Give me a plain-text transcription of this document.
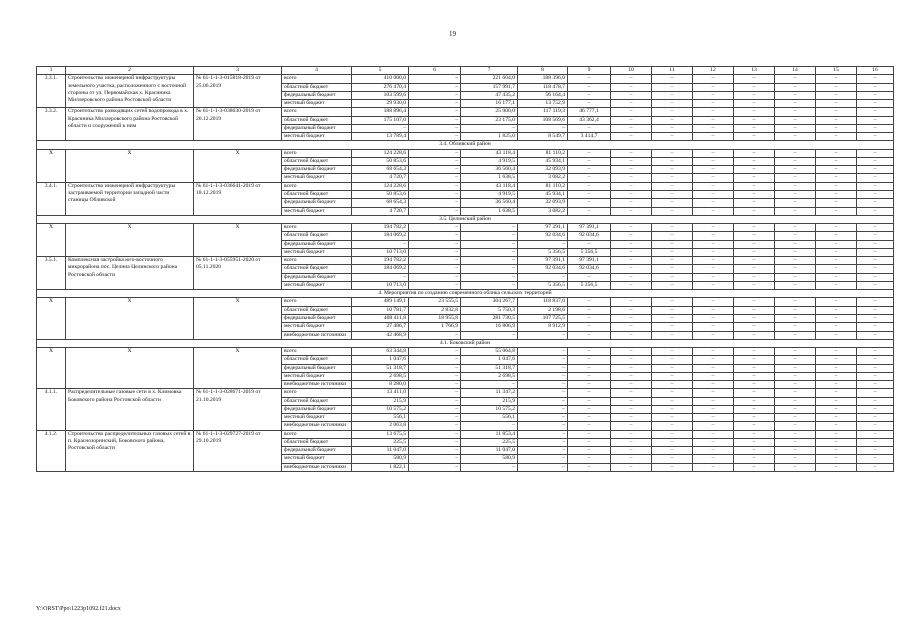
19
1	2	3	4	5	6	7	8	9	10	11	12	13	14	15	16
3.3.1.	Строительство инженерной инфраструктуры земельного участка, расположенного с восточной стороны от ул. Первомайская х. Красиника Миллеровского района Ростовской области	№ 61-1-1-3-015818-2019 от 25.06.2019	всего	410 000,0	–	221 604,0	188 396,0	–	–	–	–	–	–	–	–
			областной бюджет	276 470,4	–	157 991,7	118 478,7	–	–	–	–	–	–	–	–
			федеральный бюджет	103 599,6	–	47 435,2	56 164,4	–	–	–	–	–	–	–	–
			местный бюджет	29 930,0	–	16 177,1	13 752,9	–	–	–	–	–	–	–	–
3.3.2.	Строительство разводящих сетей водопровода в х. Красиника Миллеровского района Ростовской области и сооружений к ним	№ 61-1-1-3-038630-2019 от 26.12.2019	всего	188 896,4	–	25 000,0	117 119,3	46 777,1	–	–	–	–	–	–	–
			областной бюджет	175 107,0	–	23 175,0	108 569,6	43 362,4	–	–	–	–	–	–	–
			федеральный бюджет	–	–	–	–	–	–	–	–	–	–	–	–
			местный бюджет	13 789,4	–	1 825,0	8 549,7	3 414,7	–	–	–	–	–	–	–
3.4. Обливский район															
X	X	X	всего	124 228,6	–	43 118,4	81 110,2	–	–	–	–	–	–	–	–
			областной бюджет	50 853,6	–	4 919,5	45 934,1	–	–	–	–	–	–	–	–
			федеральный бюджет	68 654,3	–	36 560,4	32 093,9	–	–	–	–	–	–	–	–
			местный бюджет	4 720,7	–	1 638,5	3 082,2	–	–	–	–	–	–	–	–
3.4.1.	Строительство инженерной инфраструктуры застраиваемой территории западной части станицы Обливской	№ 61-1-1-3-036641-2019 от 18.12.2019	всего	124 228,6	–	43 118,4	81 110,2	–	–	–	–	–	–	–	–
			областной бюджет	50 853,6	–	4 919,5	45 934,1	–	–	–	–	–	–	–	–
			федеральный бюджет	68 654,3	–	36 560,4	32 093,9	–	–	–	–	–	–	–	–
			местный бюджет	4 720,7	–	1 638,5	3 082,2	–	–	–	–	–	–	–	–
3.5. Целинский район															
X	X	X	всего	194 782,2	–	–	97 391,1	97 391,1	–	–	–	–	–	–	–
			областной бюджет	184 069,2	–	–	92 034,6	92 034,6	–	–	–	–	–	–	–
			федеральный бюджет	–	–	–	–	–	–	–	–	–	–	–	–
			местный бюджет	10 713,0	–	–	5 356,5	5 356,5	–	–	–	–	–	–	–
3.5.1.	Комплексная застройка юго-восточного микрорайона пос. Целина Целинского района Ростовской области	№ 61-1-1-3-055951-2020 от 05.11.2020	всего	194 782,2	–	–	97 391,1	97 391,1	–	–	–	–	–	–	–
			областной бюджет	184 069,2	–	–	92 034,6	92 034,6	–	–	–	–	–	–	–
			федеральный бюджет	–	–	–	–	–	–	–	–	–	–	–	–
			местный бюджет	10 713,0	–	–	5 356,5	5 356,5	–	–	–	–	–	–	–
4. Мероприятия по созданию современного облика сельских территорий															
X	X	X	всего	489 149,1	23 555,5	304 267,7	118 837,0	–	–	–	–	–	–	–	–
			областной бюджет	10 781,7	2 832,8	5 750,3	2 198,6	–	–	–	–	–	–	–	–
			федеральный бюджет	408 411,8	18 955,8	281 730,5	107 725,5	–	–	–	–	–	–	–	–
			местный бюджет	27 486,7	1 766,9	16 806,9	8 912,9	–	–	–	–	–	–	–	–
			внебюджетные источники	42 468,9	–	–	–	–	–	–	–	–	–	–	–
4.1. Боковский район															
X	X	X	всего	63 344,8	–	55 064,8	–	–	–	–	–	–	–	–	–
			областной бюджет	1 047,6	–	1 047,6	–	–	–	–	–	–	–	–	–
			федеральный бюджет	51 318,7	–	51 318,7	–	–	–	–	–	–	–	–	–
			местный бюджет	2 698,5	–	2 698,5	–	–	–	–	–	–	–	–	–
			внебюджетные источники	8 280,0	–	–	–	–	–	–	–	–	–	–	–
4.1.1.	Распределительные газовые сети в х. Климовка Боковского района Ростовской области	№ 61-1-1-3-028671-2019 от 21.10.2019	всего	13 411,0	–	11 347,2	–	–	–	–	–	–	–	–	–
			областной бюджет	215,9	–	215,9	–	–	–	–	–	–	–	–	–
			федеральный бюджет	10 575,2	–	10 575,2	–	–	–	–	–	–	–	–	–
			местный бюджет	556,1	–	556,1	–	–	–	–	–	–	–	–	–
			внебюджетные источники	2 063,8	–	–	–	–	–	–	–	–	–	–	–
4.1.2.	Строительство распределительных газовых сетей в п. Краснозоринский, Боковского района, Ростовской области	№ 61-1-1-3-029727-2019 от 29.10.2019	всего	13 675,5	–	11 853,4	–	–	–	–	–	–	–	–	–
			областной бюджет	225,5	–	225,5	–	–	–	–	–	–	–	–	–
			федеральный бюджет	11 047,0	–	11 047,0	–	–	–	–	–	–	–	–	–
			местный бюджет	580,9	–	580,9	–	–	–	–	–	–	–	–	–
			внебюджетные источники	1 822,1	–	–	–	–	–	–	–	–	–	–	–
Y:\ORST\Ppo\1223p1092.f21.docx
